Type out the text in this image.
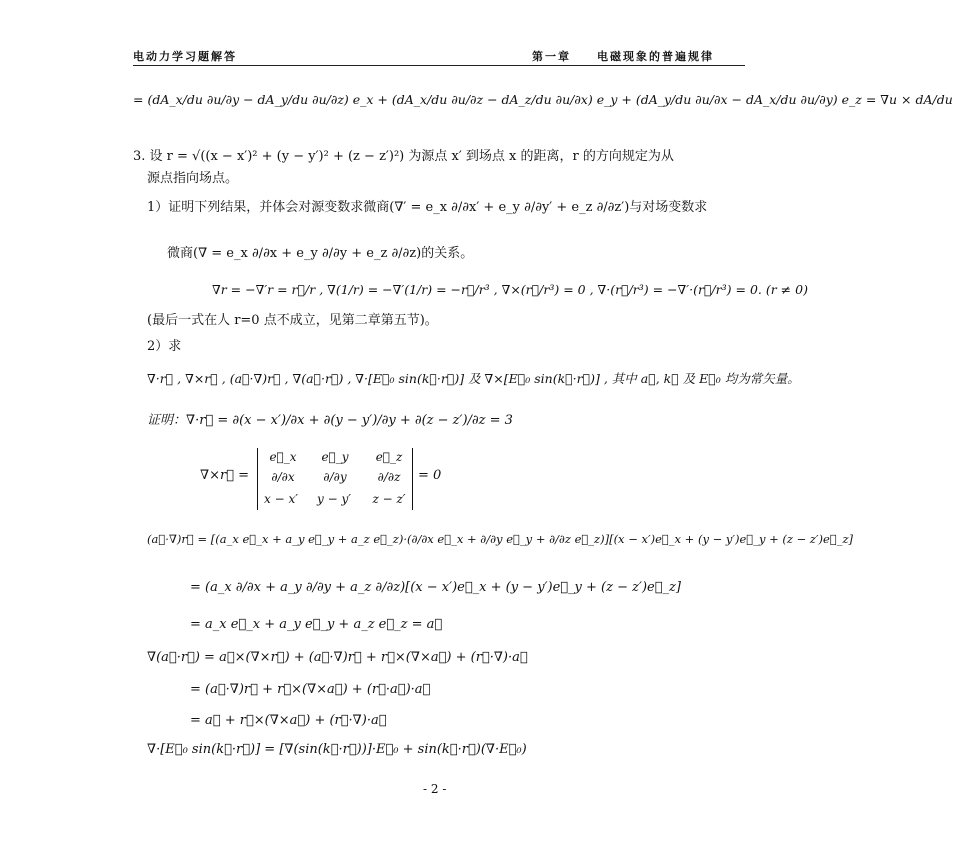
电动力学习题解答	第一章　　电磁现象的普遍规律
= (dA_x/du ∂u/∂y − dA_y/du ∂u/∂z) e_x + (dA_x/du ∂u/∂z − dA_z/du ∂u/∂x) e_y + (dA_y/du ∂u/∂x − dA_x/du ∂u/∂y) e_z = ∇u × dA/du
3. 设 r = √((x − x′)² + (y − y′)² + (z − z′)²) 为源点 x′ 到场点 x 的距离，r 的方向规定为从
源点指向场点。
1）证明下列结果，并体会对源变数求微商(∇′ = e_x ∂/∂x′ + e_y ∂/∂y′ + e_z ∂/∂z′)与对场变数求
微商(∇ = e_x ∂/∂x + e_y ∂/∂y + e_z ∂/∂z)的关系。
∇r = −∇′r = r⃗/r , ∇(1/r) = −∇′(1/r) = −r⃗/r³ , ∇×(r⃗/r³) = 0 , ∇·(r⃗/r³) = −∇′·(r⃗/r³) = 0. (r ≠ 0)
(最后一式在人 r=0 点不成立，见第二章第五节)。
2）求
∇·r⃗ , ∇×r⃗ , (a⃗·∇)r⃗ , ∇(a⃗·r⃗) , ∇·[E⃗₀ sin(k⃗·r⃗)] 及 ∇×[E⃗₀ sin(k⃗·r⃗)] , 其中 a⃗, k⃗ 及 E⃗₀ 均为常矢量。
证明：∇·r⃗ = ∂(x − x′)/∂x + ∂(y − y′)/∂y + ∂(z − z′)/∂z = 3
∇×r⃗ =
e⃗_x	e⃗_y	e⃗_z
∂/∂x	∂/∂y	∂/∂z
x − x′	y − y′	z − z′
= 0
(a⃗·∇)r⃗ = [(a_x e⃗_x + a_y e⃗_y + a_z e⃗_z)·(∂/∂x e⃗_x + ∂/∂y e⃗_y + ∂/∂z e⃗_z)][(x − x′)e⃗_x + (y − y′)e⃗_y + (z − z′)e⃗_z]
= (a_x ∂/∂x + a_y ∂/∂y + a_z ∂/∂z)[(x − x′)e⃗_x + (y − y′)e⃗_y + (z − z′)e⃗_z]
= a_x e⃗_x + a_y e⃗_y + a_z e⃗_z = a⃗
∇(a⃗·r⃗) = a⃗×(∇×r⃗) + (a⃗·∇)r⃗ + r⃗×(∇×a⃗) + (r⃗·∇)·a⃗
= (a⃗·∇)r⃗ + r⃗×(∇×a⃗) + (r⃗·a⃗)·a⃗
= a⃗ + r⃗×(∇×a⃗) + (r⃗·∇)·a⃗
∇·[E⃗₀ sin(k⃗·r⃗)] = [∇(sin(k⃗·r⃗))]·E⃗₀ + sin(k⃗·r⃗)(∇·E⃗₀)
- 2 -
